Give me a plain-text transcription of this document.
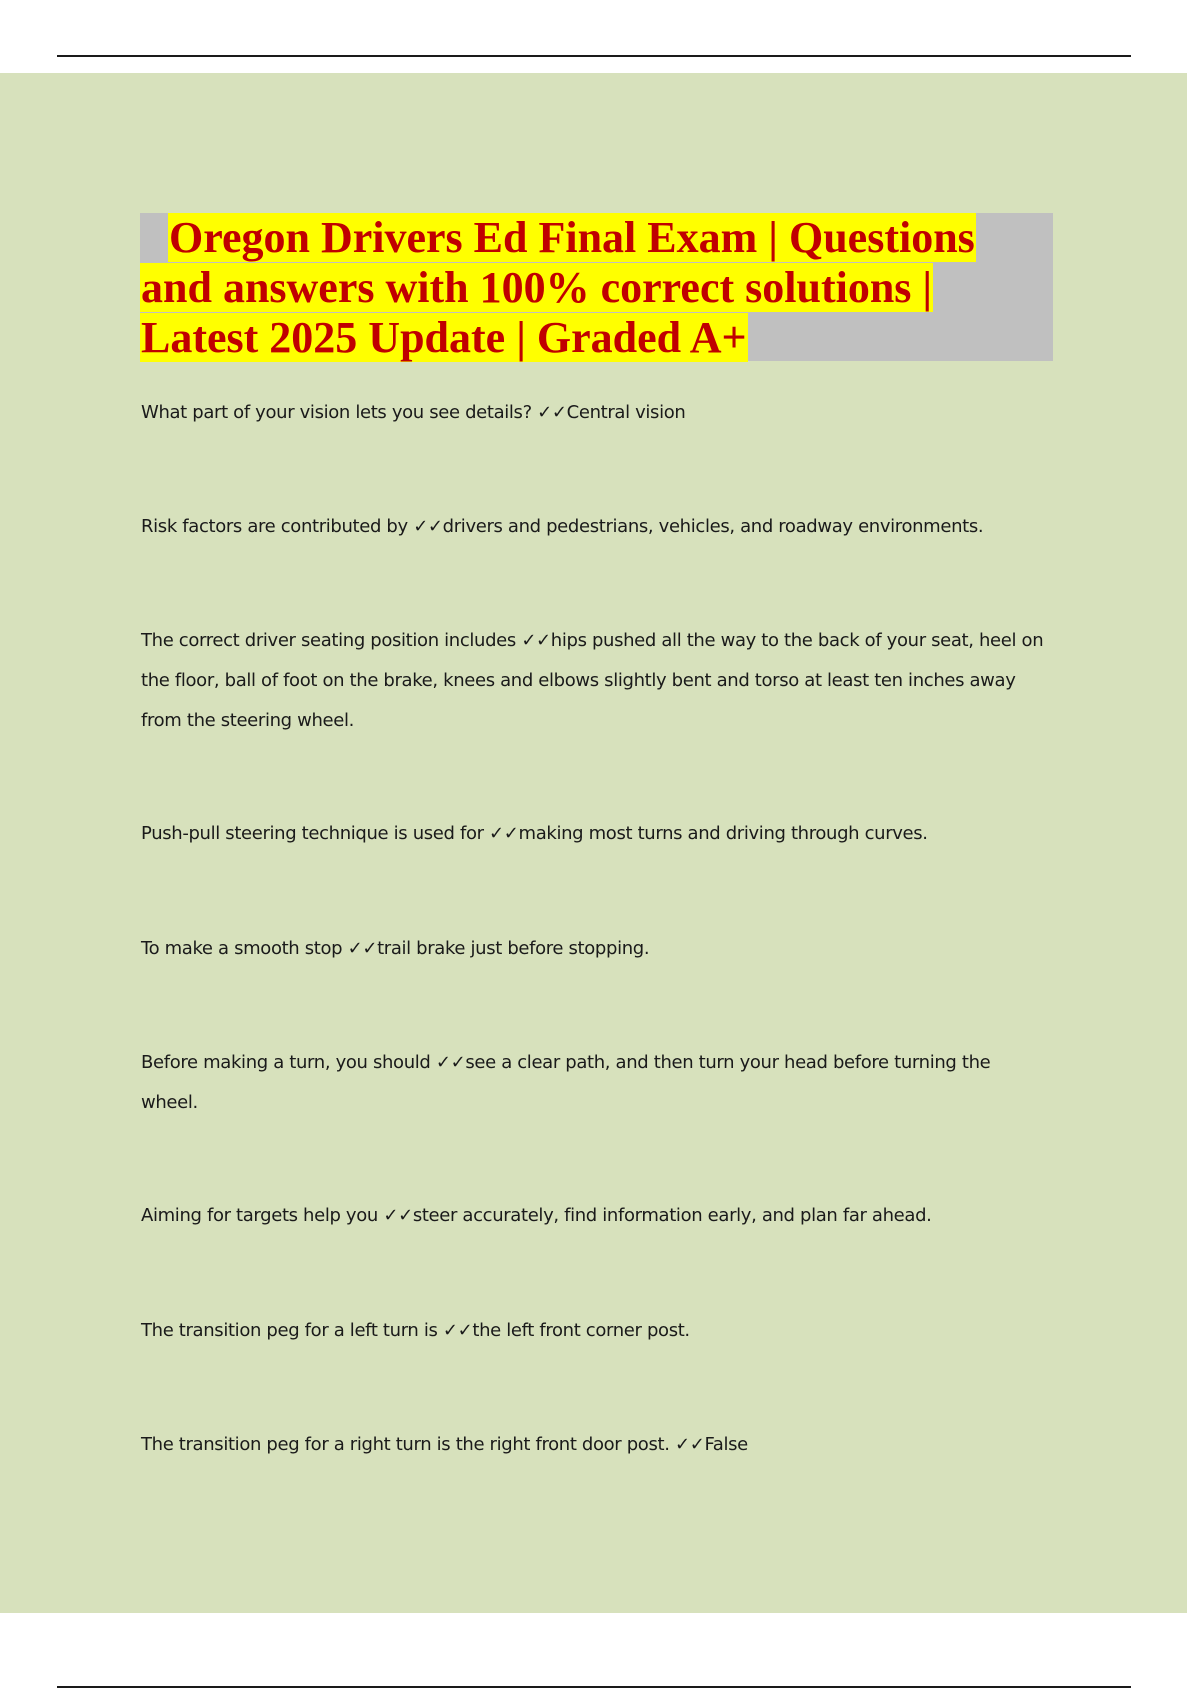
Oregon Drivers Ed Final Exam | Questions and answers with 100% correct solutions | Latest 2025 Update | Graded A+

What part of your vision lets you see details? ✓✓Central vision

Risk factors are contributed by ✓✓drivers and pedestrians, vehicles, and roadway environments.

The correct driver seating position includes ✓✓hips pushed all the way to the back of your seat, heel on the floor, ball of foot on the brake, knees and elbows slightly bent and torso at least ten inches away from the steering wheel.

Push-pull steering technique is used for ✓✓making most turns and driving through curves.

To make a smooth stop ✓✓trail brake just before stopping.

Before making a turn, you should ✓✓see a clear path, and then turn your head before turning the wheel.

Aiming for targets help you ✓✓steer accurately, find information early, and plan far ahead.

The transition peg for a left turn is ✓✓the left front corner post.

The transition peg for a right turn is the right front door post. ✓✓False
